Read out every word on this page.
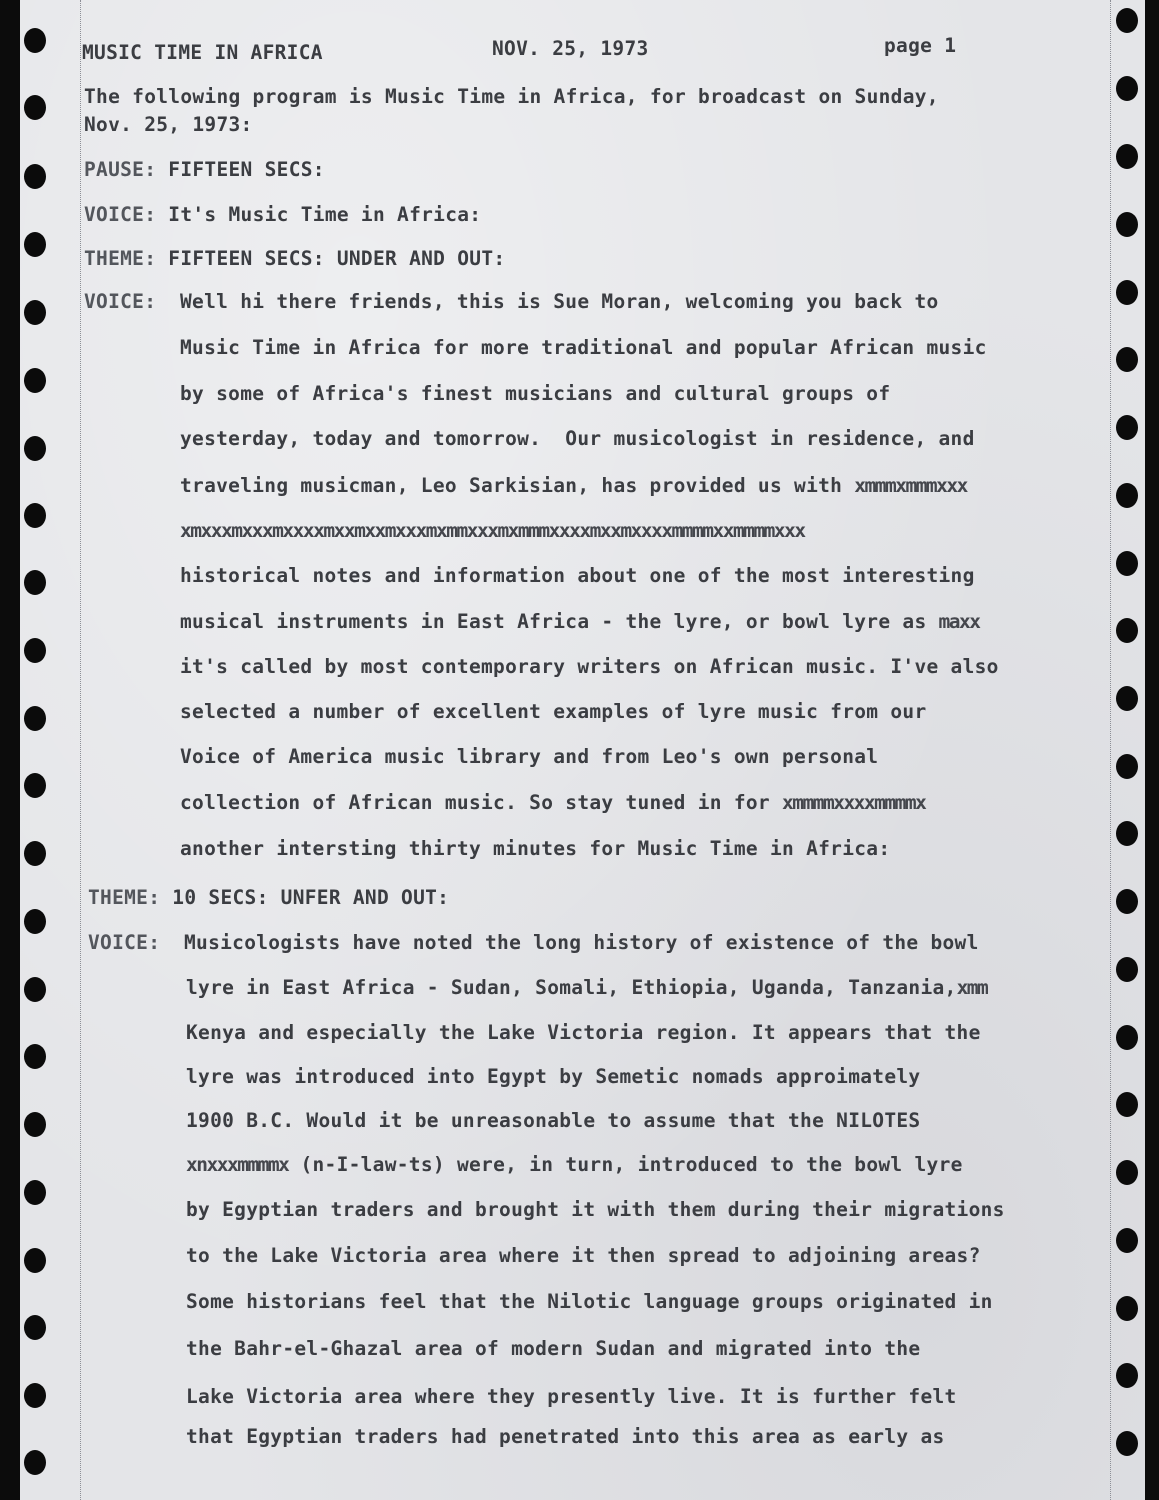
MUSIC TIME IN AFRICA	NOV. 25, 1973	page 1
The following program is Music Time in Africa, for broadcast on Sunday,
Nov. 25, 1973:
PAUSE: FIFTEEN SECS:
VOICE: It's Music Time in Africa:
THEME: FIFTEEN SECS: UNDER AND OUT:
VOICE: Well hi there friends, this is Sue Moran, welcoming you back to
Music Time in Africa for more traditional and popular African music
by some of Africa's finest musicians and cultural groups of
yesterday, today and tomorrow.  Our musicologist in residence, and
traveling musicman, Leo Sarkisian, has provided us with xmmmxmmmxxx
xmxxxmxxxmxxxxmxxmxxmxxxmxmmxxxmxmmmxxxxmxxmxxxxmmmmxxmmmmxxx
historical notes and information about one of the most interesting
musical instruments in East Africa - the lyre, or bowl lyre as maxx
it's called by most contemporary writers on African music. I've also
selected a number of excellent examples of lyre music from our
Voice of America music library and from Leo's own personal
collection of African music. So stay tuned in for xmmmmxxxxmmmmx
another intersting thirty minutes for Music Time in Africa:
THEME: 10 SECS: UNFER AND OUT:
VOICE: Musicologists have noted the long history of existence of the bowl
lyre in East Africa - Sudan, Somali, Ethiopia, Uganda, Tanzania,xmm
Kenya and especially the Lake Victoria region. It appears that the
lyre was introduced into Egypt by Semetic nomads approimately
1900 B.C. Would it be unreasonable to assume that the NILOTES
xnxxxmmmmx (n-I-law-ts) were, in turn, introduced to the bowl lyre
by Egyptian traders and brought it with them during their migrations
to the Lake Victoria area where it then spread to adjoining areas?
Some historians feel that the Nilotic language groups originated in
the Bahr-el-Ghazal area of modern Sudan and migrated into the
Lake Victoria area where they presently live. It is further felt
that Egyptian traders had penetrated into this area as early as
